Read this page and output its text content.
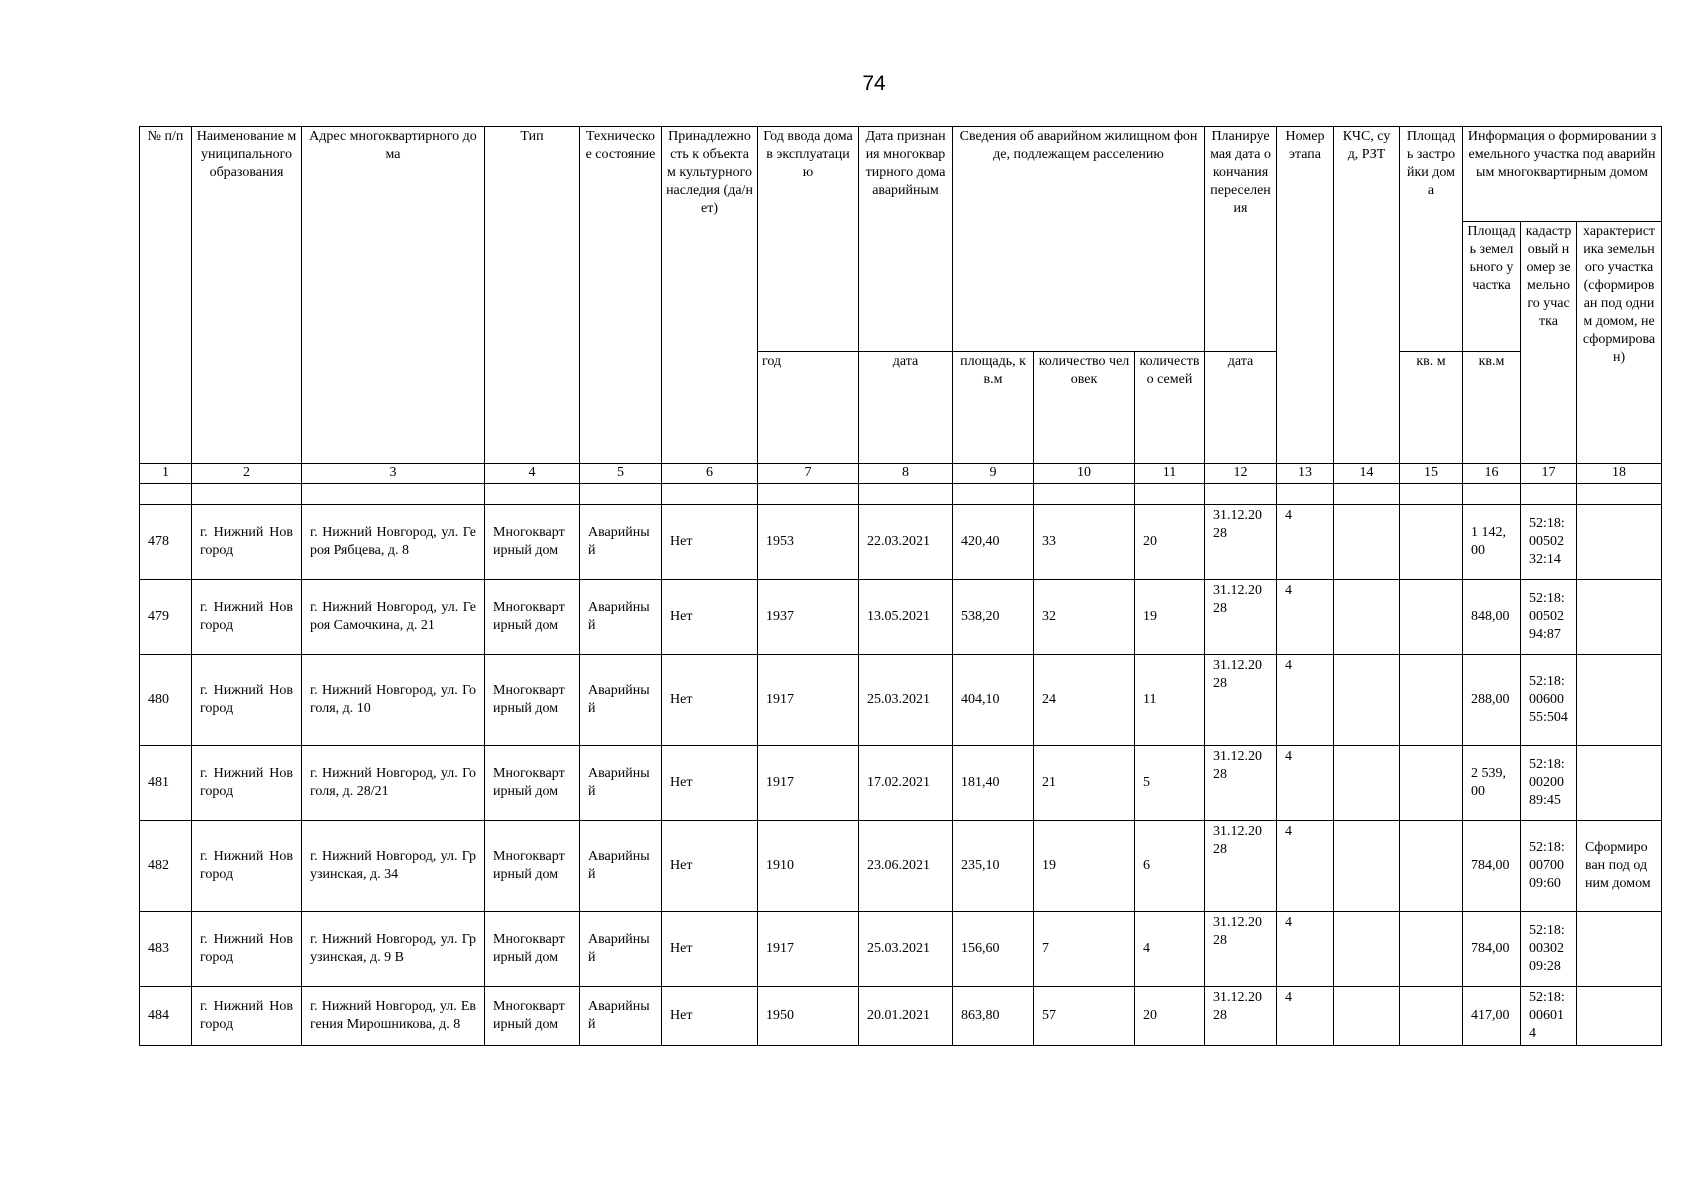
74
№ п/п	Наименование муниципального образования	Адрес многоквартирного дома	Тип	Техническое состояние	Принадлежность к объектам культурного наследия (да/нет)	Год ввода дома в эксплуатацию	Дата признания многоквартирного дома аварийным	Сведения об аварийном жилищном фонде, подлежащем расселению			Планируемая дата окончания переселения	Номер этапа	КЧС, суд, РЗТ	Площадь застройки дома	Информация о формировании земельного участка под аварийным многоквартирным домом		
															Площадь земельного участка	кадастровый номер земельного участка	характеристика земельного участка (сформирован под одним домом, не сформирован)
						год	дата	площадь, кв.м	количество человек	количество семей	дата			кв. м	кв.м		
1	2	3	4	5	6	7	8	9	10	11	12	13	14	15	16	17	18

478	г. Нижний Новгород	г. Нижний Новгород, ул. Героя Рябцева, д. 8	Многоквартирный дом	Аварийный	Нет	1953	22.03.2021	420,40	33	20	31.12.2028	4			1 142,00	52:18:0050232:14	
479	г. Нижний Новгород	г. Нижний Новгород, ул. Героя Самочкина, д. 21	Многоквартирный дом	Аварийный	Нет	1937	13.05.2021	538,20	32	19	31.12.2028	4			848,00	52:18:0050294:87	
480	г. Нижний Новгород	г. Нижний Новгород, ул. Гоголя, д. 10	Многоквартирный дом	Аварийный	Нет	1917	25.03.2021	404,10	24	11	31.12.2028	4			288,00	52:18:0060055:504	
481	г. Нижний Новгород	г. Нижний Новгород, ул. Гоголя, д. 28/21	Многоквартирный дом	Аварийный	Нет	1917	17.02.2021	181,40	21	5	31.12.2028	4			2 539,00	52:18:0020089:45	
482	г. Нижний Новгород	г. Нижний Новгород, ул. Грузинская, д. 34	Многоквартирный дом	Аварийный	Нет	1910	23.06.2021	235,10	19	6	31.12.2028	4			784,00	52:18:0070009:60	Сформирован под одним домом
483	г. Нижний Новгород	г. Нижний Новгород, ул. Грузинская, д. 9 В	Многоквартирный дом	Аварийный	Нет	1917	25.03.2021	156,60	7	4	31.12.2028	4			784,00	52:18:0030209:28	
484	г. Нижний Новгород	г. Нижний Новгород, ул. Евгения Мирошникова, д. 8	Многоквартирный дом	Аварийный	Нет	1950	20.01.2021	863,80	57	20	31.12.2028	4			417,00	52:18:006014	
